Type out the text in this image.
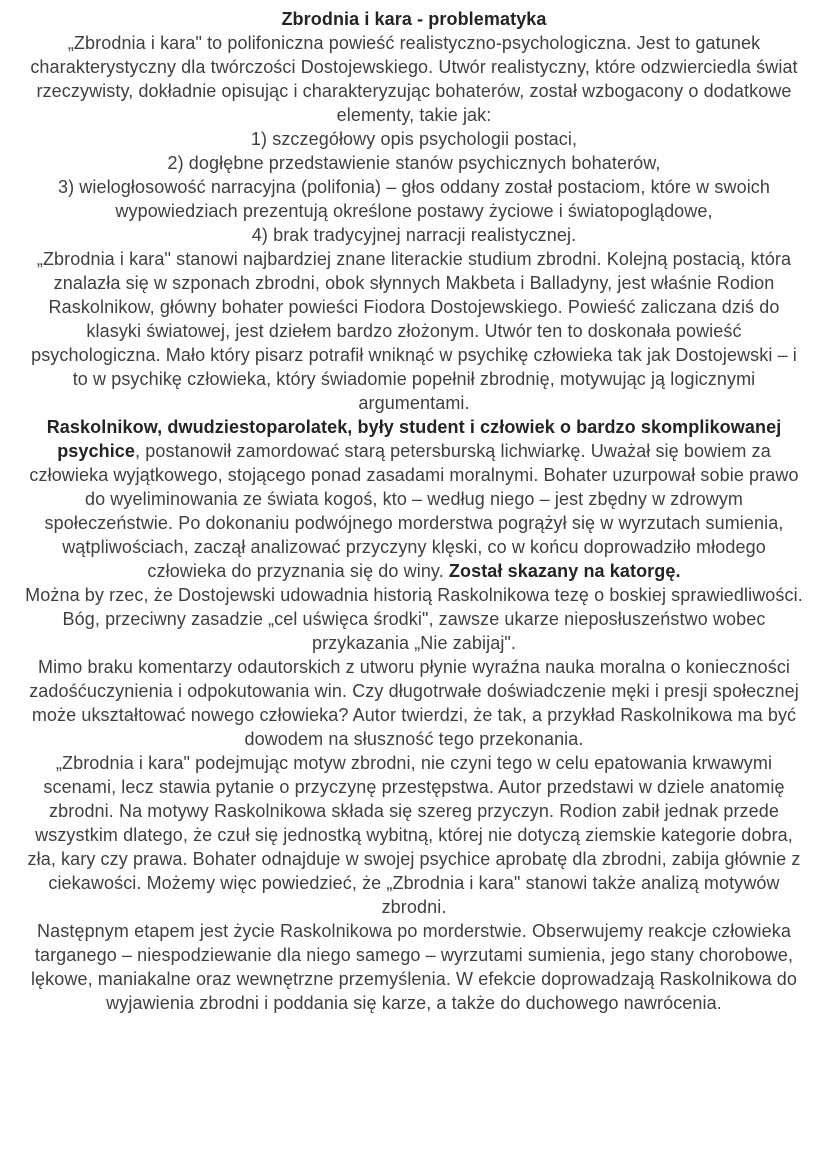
Zbrodnia i kara - problematyka

„Zbrodnia i kara" to polifoniczna powieść realistyczno-psychologiczna. Jest to gatunek charakterystyczny dla twórczości Dostojewskiego. Utwór realistyczny, które odzwierciedla świat rzeczywisty, dokładnie opisując i charakteryzując bohaterów, został wzbogacony o dodatkowe elementy, takie jak:

1) szczegółowy opis psychologii postaci,

2) dogłębne przedstawienie stanów psychicznych bohaterów,

3) wielogłosowość narracyjna (polifonia) – głos oddany został postaciom, które w swoich wypowiedziach prezentują określone postawy życiowe i światopoglądowe,

4) brak tradycyjnej narracji realistycznej.

„Zbrodnia i kara" stanowi najbardziej znane literackie studium zbrodni. Kolejną postacią, która znalazła się w szponach zbrodni, obok słynnych Makbeta i Balladyny, jest właśnie Rodion Raskolnikow, główny bohater powieści Fiodora Dostojewskiego. Powieść zaliczana dziś do klasyki światowej, jest dziełem bardzo złożonym. Utwór ten to doskonała powieść psychologiczna. Mało który pisarz potrafił wniknąć w psychikę człowieka tak jak Dostojewski – i to w psychikę człowieka, który świadomie popełnił zbrodnię, motywując ją logicznymi argumentami.

Raskolnikow, dwudziestoparolatek, były student i człowiek o bardzo skomplikowanej psychice, postanowił zamordować starą petersburską lichwiarkę. Uważał się bowiem za człowieka wyjątkowego, stojącego ponad zasadami moralnymi. Bohater uzurpował sobie prawo do wyeliminowania ze świata kogoś, kto – według niego – jest zbędny w zdrowym społeczeństwie. Po dokonaniu podwójnego morderstwa pogrążył się w wyrzutach sumienia, wątpliwościach, zaczął analizować przyczyny klęski, co w końcu doprowadziło młodego człowieka do przyznania się do winy. Został skazany na katorgę.

Można by rzec, że Dostojewski udowadnia historią Raskolnikowa tezę o boskiej sprawiedliwości. Bóg, przeciwny zasadzie „cel uświęca środki", zawsze ukarze nieposłuszeństwo wobec przykazania „Nie zabijaj".

Mimo braku komentarzy odautorskich z utworu płynie wyraźna nauka moralna o konieczności zadośćuczynienia i odpokutowania win. Czy długotrwałe doświadczenie męki i presji społecznej może ukształtować nowego człowieka? Autor twierdzi, że tak, a przykład Raskolnikowa ma być dowodem na słuszność tego przekonania.

„Zbrodnia i kara" podejmując motyw zbrodni, nie czyni tego w celu epatowania krwawymi scenami, lecz stawia pytanie o przyczynę przestępstwa. Autor przedstawi w dziele anatomię zbrodni. Na motywy Raskolnikowa składa się szereg przyczyn. Rodion zabił jednak przede wszystkim dlatego, że czuł się jednostką wybitną, której nie dotyczą ziemskie kategorie dobra, zła, kary czy prawa. Bohater odnajduje w swojej psychice aprobatę dla zbrodni, zabija głównie z ciekawości. Możemy więc powiedzieć, że „Zbrodnia i kara" stanowi także analizą motywów zbrodni.

Następnym etapem jest życie Raskolnikowa po morderstwie. Obserwujemy reakcje człowieka targanego – niespodziewanie dla niego samego – wyrzutami sumienia, jego stany chorobowe, lękowe, maniakalne oraz wewnętrzne przemyślenia. W efekcie doprowadzają Raskolnikowa do wyjawienia zbrodni i poddania się karze, a także do duchowego nawrócenia.
